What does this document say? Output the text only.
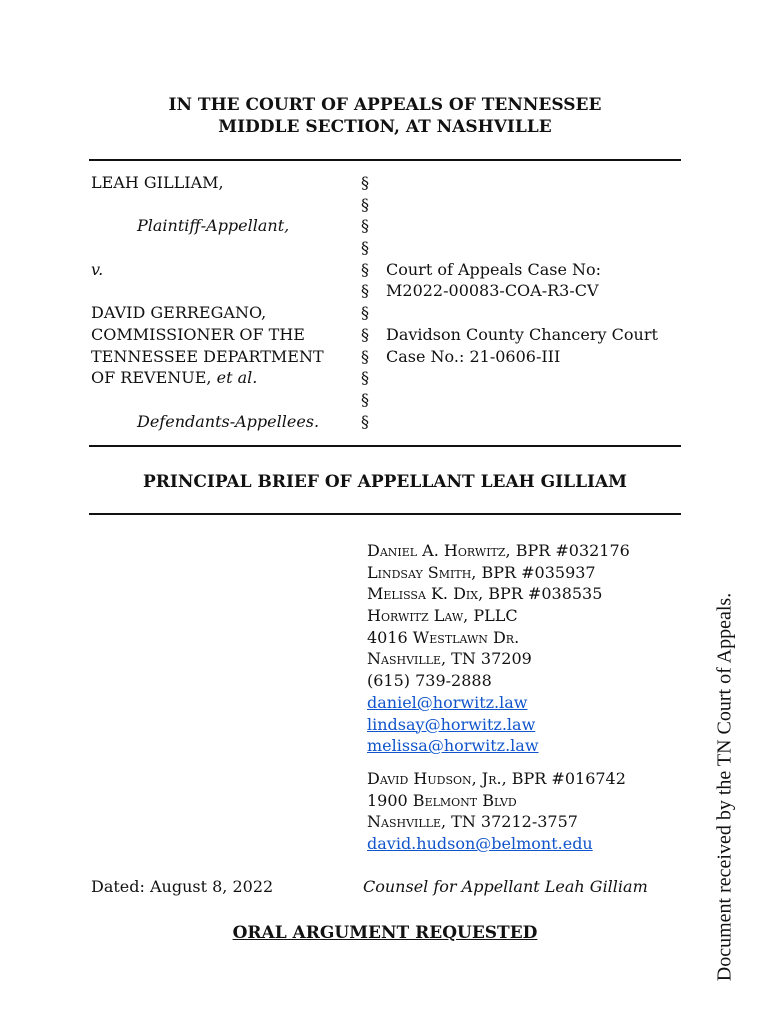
IN THE COURT OF APPEALS OF TENNESSEE
MIDDLE SECTION, AT NASHVILLE
LEAH GILLIAM,
Plaintiff-Appellant,
v.
DAVID GERREGANO,
COMMISSIONER OF THE
TENNESSEE DEPARTMENT
OF REVENUE, et al.
Defendants-Appellees.
§
§
§
§
§
§
§
§
§
§
§
§
Court of Appeals Case No:
M2022-00083-COA-R3-CV
Davidson County Chancery Court
Case No.: 21-0606-III
PRINCIPAL BRIEF OF APPELLANT LEAH GILLIAM
Daniel A. Horwitz, BPR #032176
Lindsay Smith, BPR #035937
Melissa K. Dix, BPR #038535
Horwitz Law, PLLC
4016 Westlawn Dr.
Nashville, TN 37209
(615) 739-2888
daniel@horwitz.law
lindsay@horwitz.law
melissa@horwitz.law
David Hudson, Jr., BPR #016742
1900 Belmont Blvd
Nashville, TN 37212-3757
david.hudson@belmont.edu
Dated: August 8, 2022	Counsel for Appellant Leah Gilliam
ORAL ARGUMENT REQUESTED	Document received by the TN Court of Appeals.
